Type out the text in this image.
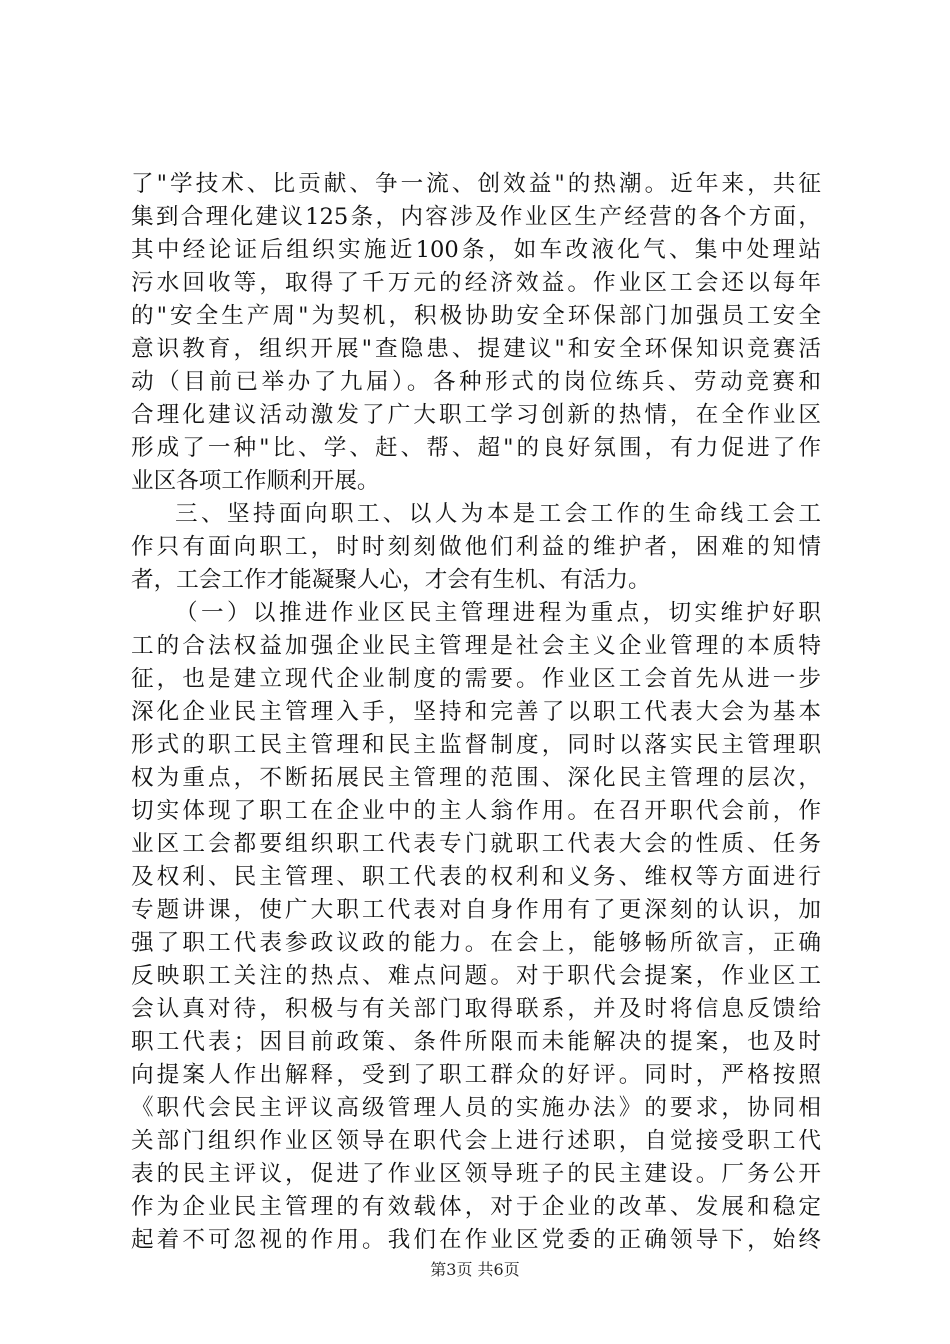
了"学技术、比贡献、争一流、创效益"的热潮。近年来，共征
集到合理化建议125条，内容涉及作业区生产经营的各个方面，
其中经论证后组织实施近100条，如车改液化气、集中处理站
污水回收等，取得了千万元的经济效益。作业区工会还以每年
的"安全生产周"为契机，积极协助安全环保部门加强员工安全
意识教育，组织开展"查隐患、提建议"和安全环保知识竞赛活
动（目前已举办了九届）。各种形式的岗位练兵、劳动竞赛和
合理化建议活动激发了广大职工学习创新的热情，在全作业区
形成了一种"比、学、赶、帮、超"的良好氛围，有力促进了作
业区各项工作顺利开展。
三、坚持面向职工、以人为本是工会工作的生命线工会工
作只有面向职工，时时刻刻做他们利益的维护者，困难的知情
者，工会工作才能凝聚人心，才会有生机、有活力。
（一）以推进作业区民主管理进程为重点，切实维护好职
工的合法权益加强企业民主管理是社会主义企业管理的本质特
征，也是建立现代企业制度的需要。作业区工会首先从进一步
深化企业民主管理入手，坚持和完善了以职工代表大会为基本
形式的职工民主管理和民主监督制度，同时以落实民主管理职
权为重点，不断拓展民主管理的范围、深化民主管理的层次，
切实体现了职工在企业中的主人翁作用。在召开职代会前，作
业区工会都要组织职工代表专门就职工代表大会的性质、任务
及权利、民主管理、职工代表的权利和义务、维权等方面进行
专题讲课，使广大职工代表对自身作用有了更深刻的认识，加
强了职工代表参政议政的能力。在会上，能够畅所欲言，正确
反映职工关注的热点、难点问题。对于职代会提案，作业区工
会认真对待，积极与有关部门取得联系，并及时将信息反馈给
职工代表；因目前政策、条件所限而未能解决的提案，也及时
向提案人作出解释，受到了职工群众的好评。同时，严格按照
《职代会民主评议高级管理人员的实施办法》的要求，协同相
关部门组织作业区领导在职代会上进行述职，自觉接受职工代
表的民主评议，促进了作业区领导班子的民主建设。厂务公开
作为企业民主管理的有效载体，对于企业的改革、发展和稳定
起着不可忽视的作用。我们在作业区党委的正确领导下，始终
第3页 共6页
